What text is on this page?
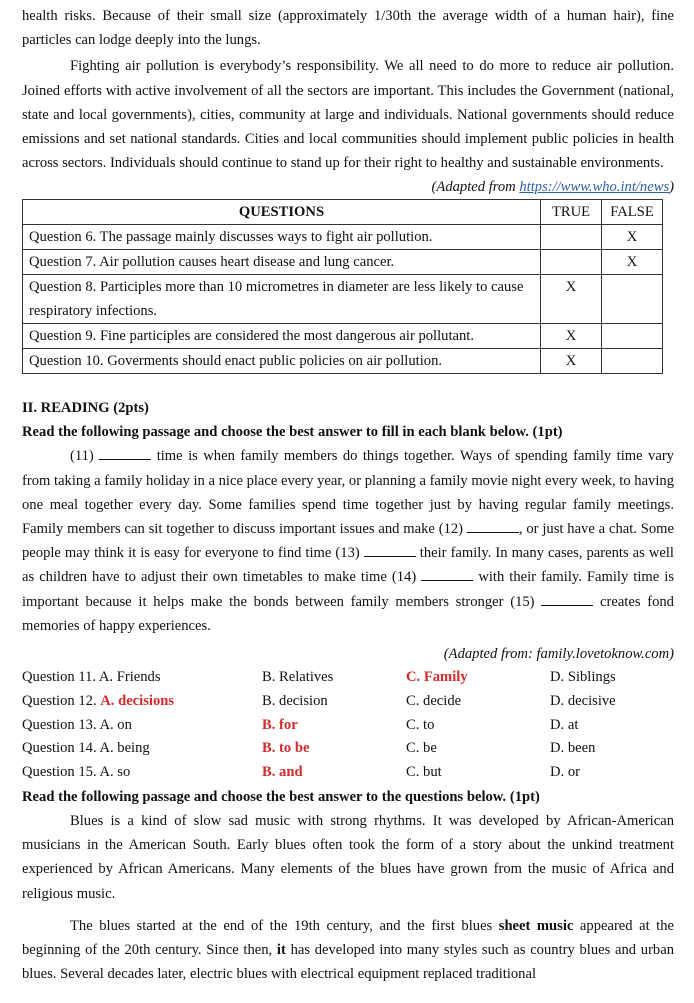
health risks. Because of their small size (approximately 1/30th the average width of a human hair), fine particles can lodge deeply into the lungs.

Fighting air pollution is everybody’s responsibility. We all need to do more to reduce air pollution. Joined efforts with active involvement of all the sectors are important. This includes the Government (national, state and local governments), cities, community at large and individuals. National governments should reduce emissions and set national standards. Cities and local communities should implement public policies in health across sectors. Individuals should continue to stand up for their right to healthy and sustainable environments.

(Adapted from https://www.who.int/news)
QUESTIONS	TRUE	FALSE
Question 6. The passage mainly discusses ways to fight air pollution.		X
Question 7. Air pollution causes heart disease and lung cancer.		X
Question 8. Participles more than 10 micrometres in diameter are less likely to cause respiratory infections.	X	
Question 9. Fine participles are considered the most dangerous air pollutant.	X	
Question 10. Goverments should enact public policies on air pollution.	X	
II. READING (2pts)
Read the following passage and choose the best answer to fill in each blank below. (1pt)

(11)	time is when family members do things together. Ways of spending family time vary from taking a family holiday in a nice place every year, or planning a family movie night every week, to having one meal together every day. Some families spend time together just by having regular family meetings. Family members can sit together to discuss important issues and make (12)	, or just have a chat. Some people may think it is easy for everyone to find time (13)	their family. In many cases, parents as well as children have to adjust their own timetables to make time (14)	with their family. Family time is important because it helps make the bonds between family members stronger (15)	creates fond memories of happy experiences.

(Adapted from: family.lovetoknow.com)
Question 11. A. Friends	B. Relatives	C. Family	D. Siblings
Question 12. A. decisions	B. decision	C. decide	D. decisive
Question 13. A. on	B. for	C. to	D. at
Question 14. A. being	B. to be	C. be	D. been
Question 15. A. so	B. and	C. but	D. or
Read the following passage and choose the best answer to the questions below. (1pt)

Blues is a kind of slow sad music with strong rhythms. It was developed by African-American musicians in the American South. Early blues often took the form of a story about the unkind treatment experienced by African Americans. Many elements of the blues have grown from the music of Africa and religious music.

The blues started at the end of the 19th century, and the first blues sheet music appeared at the beginning of the 20th century. Since then, it has developed into many styles such as country blues and urban blues. Several decades later, electric blues with electrical equipment replaced traditional
